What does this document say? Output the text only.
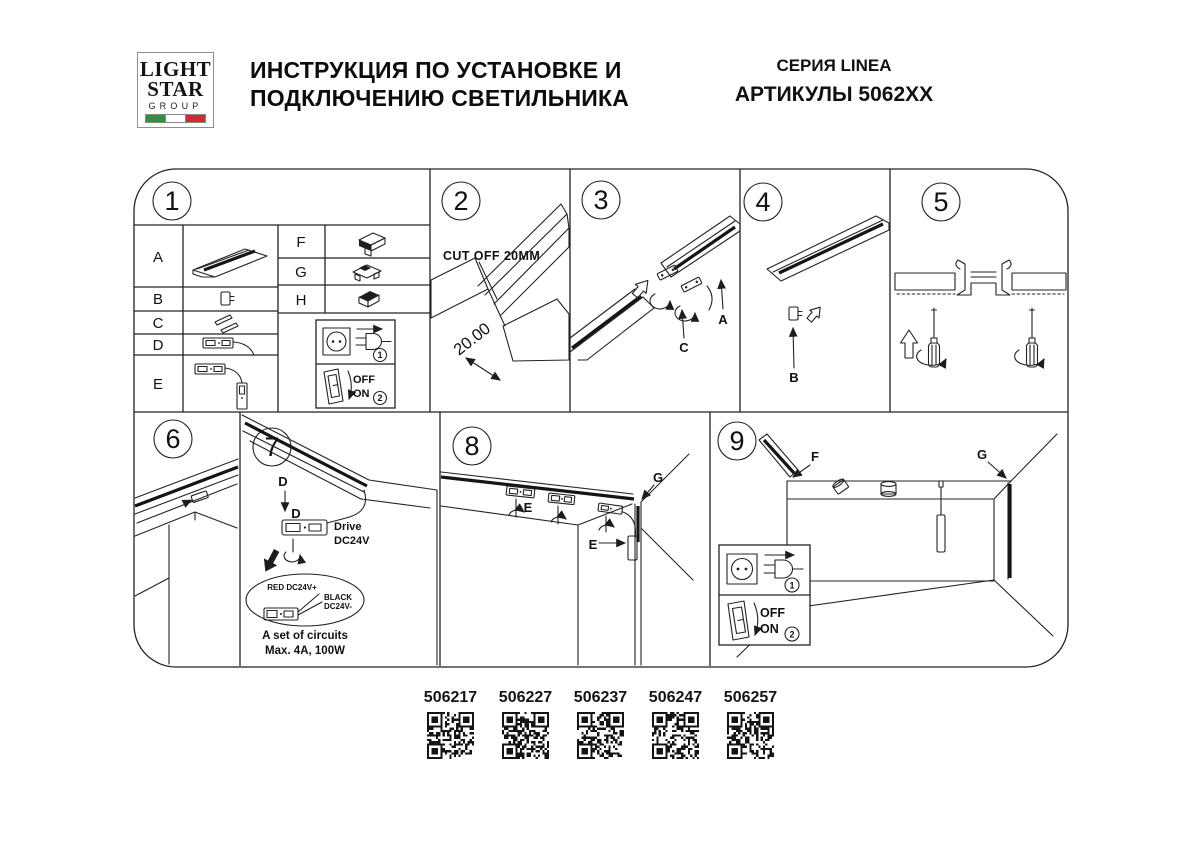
LIGHT
STAR
GROUP
ИНСТРУКЦИЯ ПО УСТАНОВКЕ И
ПОДКЛЮЧЕНИЮ СВЕТИЛЬНИКА
СЕРИЯ LINEA
АРТИКУЛЫ 5062XX
1	2	3	4	5
6	7	8	9
A
B
C
D
E
F
G
H
1
OFF
ON 2
CUT OFF 20MM
20.00
A
C
B
D
D
Drive
DC24V
RED DC24V+
BLACK
DC24V-
A set of circuits
Max. 4A, 100W
E
E
G
F	G
1
OFF
ON 2
506217	506227	506237	506247	506257
